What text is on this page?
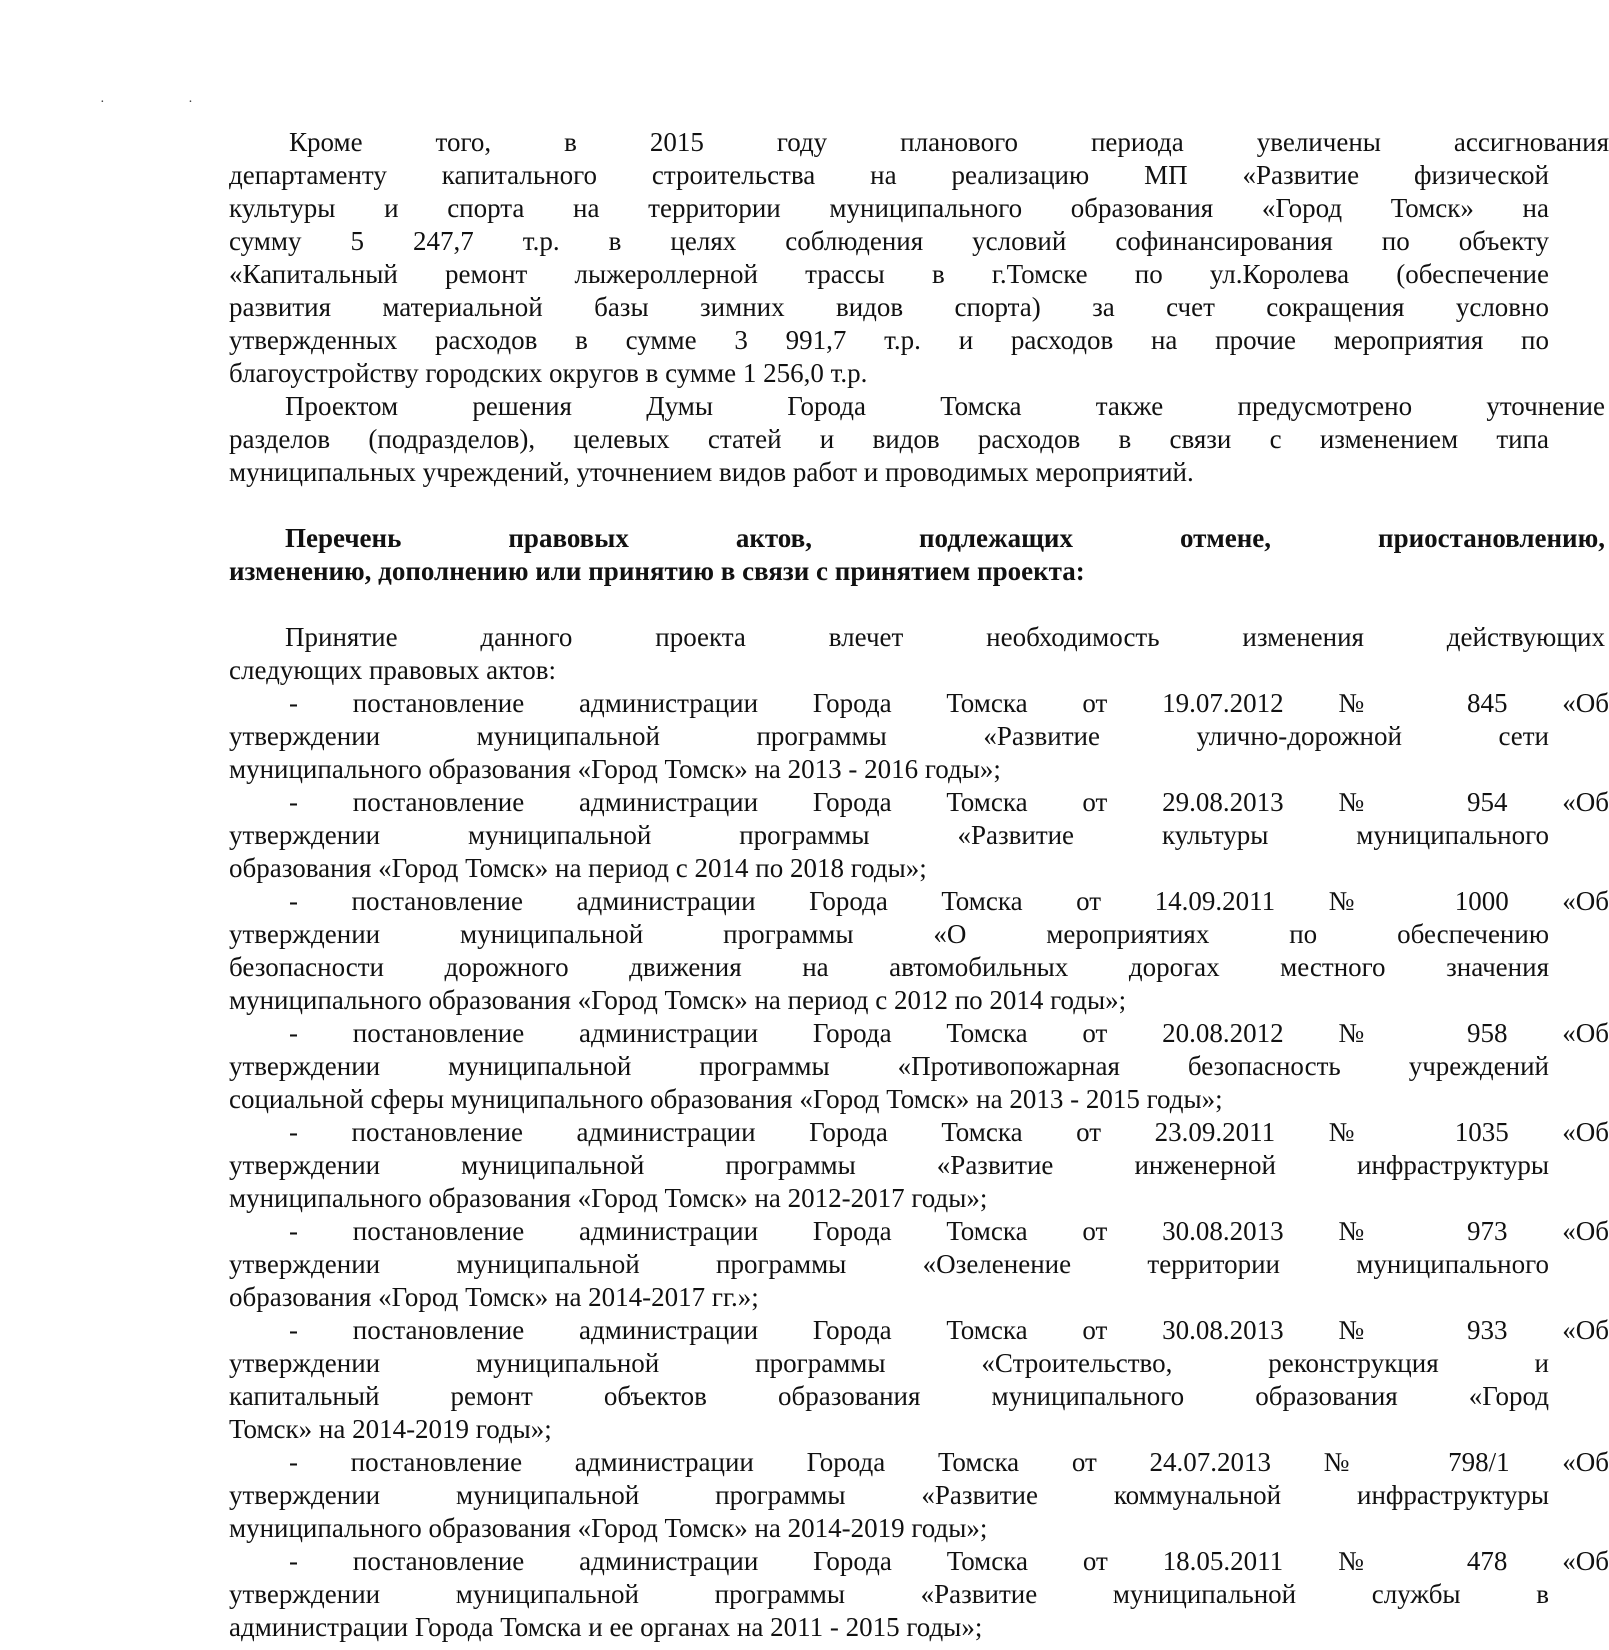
· ·
Кроме того, в 2015 году планового периода увеличены ассигнования
департаменту капитального строительства на реализацию МП «Развитие физической
культуры и спорта на территории муниципального образования «Город Томск» на
сумму 5 247,7 т.р. в целях соблюдения условий софинансирования по объекту
«Капитальный ремонт лыжероллерной трассы в г.Томске по ул.Королева (обеспечение
развития материальной базы зимних видов спорта) за счет сокращения условно
утвержденных расходов в сумме 3 991,7 т.р. и расходов на прочие мероприятия по
благоустройству городских округов в сумме 1 256,0 т.р.
Проектом решения Думы Города Томска также предусмотрено уточнение
разделов (подразделов), целевых статей и видов расходов в связи с изменением типа
муниципальных учреждений, уточнением видов работ и проводимых мероприятий.
Перечень правовых актов, подлежащих отмене, приостановлению,
изменению, дополнению или принятию в связи с принятием проекта:
Принятие данного проекта влечет необходимость изменения действующих
следующих правовых актов:
- постановление администрации Города Томска от 19.07.2012 № 845 «Об
утверждении муниципальной программы «Развитие улично-дорожной сети
муниципального образования «Город Томск» на 2013 - 2016 годы»;
- постановление администрации Города Томска от 29.08.2013 № 954 «Об
утверждении муниципальной программы «Развитие культуры муниципального
образования «Город Томск» на период с 2014 по 2018 годы»;
- постановление администрации Города Томска от 14.09.2011 № 1000 «Об
утверждении муниципальной программы «О мероприятиях по обеспечению
безопасности дорожного движения на автомобильных дорогах местного значения
муниципального образования «Город Томск» на период с 2012 по 2014 годы»;
- постановление администрации Города Томска от 20.08.2012 № 958 «Об
утверждении муниципальной программы «Противопожарная безопасность учреждений
социальной сферы муниципального образования «Город Томск» на 2013 - 2015 годы»;
- постановление администрации Города Томска от 23.09.2011 № 1035 «Об
утверждении муниципальной программы «Развитие инженерной инфраструктуры
муниципального образования «Город Томск» на 2012-2017 годы»;
- постановление администрации Города Томска от 30.08.2013 № 973 «Об
утверждении муниципальной программы «Озеленение территории муниципального
образования «Город Томск» на 2014-2017 гг.»;
- постановление администрации Города Томска от 30.08.2013 № 933 «Об
утверждении муниципальной программы «Строительство, реконструкция и
капитальный ремонт объектов образования муниципального образования «Город
Томск» на 2014-2019 годы»;
- постановление администрации Города Томска от 24.07.2013 № 798/1 «Об
утверждении муниципальной программы «Развитие коммунальной инфраструктуры
муниципального образования «Город Томск» на 2014-2019 годы»;
- постановление администрации Города Томска от 18.05.2011 № 478 «Об
утверждении муниципальной программы «Развитие муниципальной службы в
администрации Города Томска и ее органах на 2011 - 2015 годы»;
